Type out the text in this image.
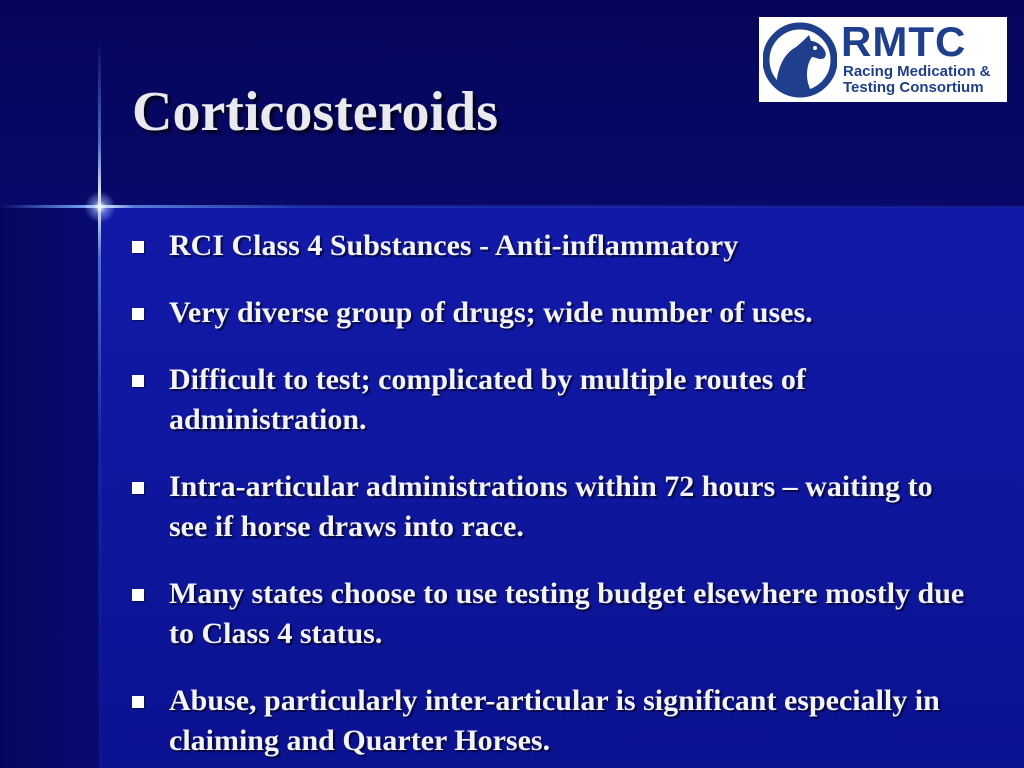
Corticosteroids
RMTC
Racing Medication &
Testing Consortium
RCI Class 4 Substances - Anti-inflammatory
Very diverse group of drugs; wide number of uses.
Difficult to test; complicated by multiple routes of administration.
Intra-articular administrations within 72 hours – waiting to see if horse draws into race.
Many states choose to use testing budget elsewhere mostly due to Class 4 status.
Abuse, particularly inter-articular is significant especially in claiming and Quarter Horses.
